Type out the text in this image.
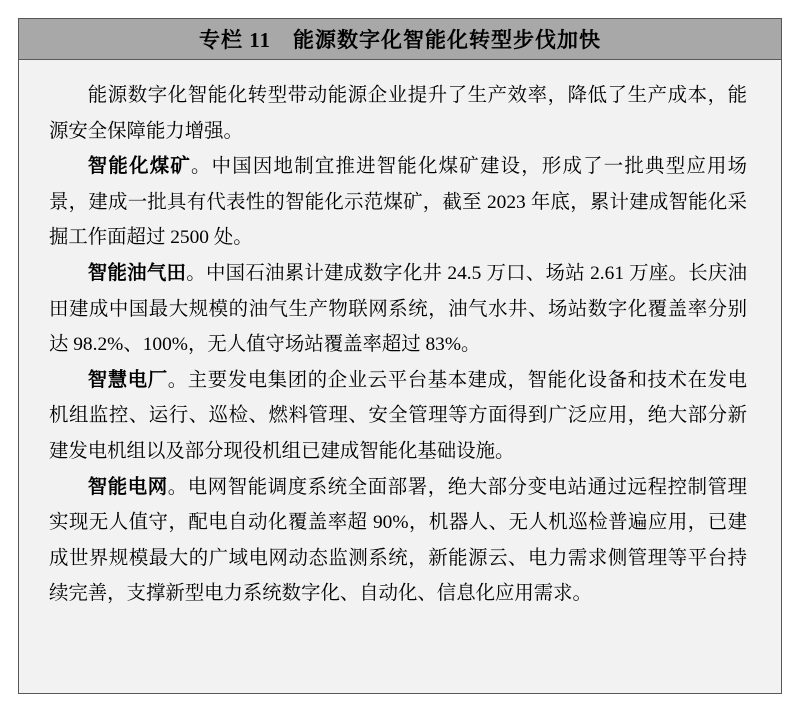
专栏 11　能源数字化智能化转型步伐加快

能源数字化智能化转型带动能源企业提升了生产效率，降低了生产成本，能源安全保障能力增强。

智能化煤矿。中国因地制宜推进智能化煤矿建设，形成了一批典型应用场景，建成一批具有代表性的智能化示范煤矿，截至 2023 年底，累计建成智能化采掘工作面超过 2500 处。

智能油气田。中国石油累计建成数字化井 24.5 万口、场站 2.61 万座。长庆油田建成中国最大规模的油气生产物联网系统，油气水井、场站数字化覆盖率分别达 98.2%、100%，无人值守场站覆盖率超过 83%。

智慧电厂。主要发电集团的企业云平台基本建成，智能化设备和技术在发电机组监控、运行、巡检、燃料管理、安全管理等方面得到广泛应用，绝大部分新建发电机组以及部分现役机组已建成智能化基础设施。

智能电网。电网智能调度系统全面部署，绝大部分变电站通过远程控制管理实现无人值守，配电自动化覆盖率超 90%，机器人、无人机巡检普遍应用，已建成世界规模最大的广域电网动态监测系统，新能源云、电力需求侧管理等平台持续完善，支撑新型电力系统数字化、自动化、信息化应用需求。
